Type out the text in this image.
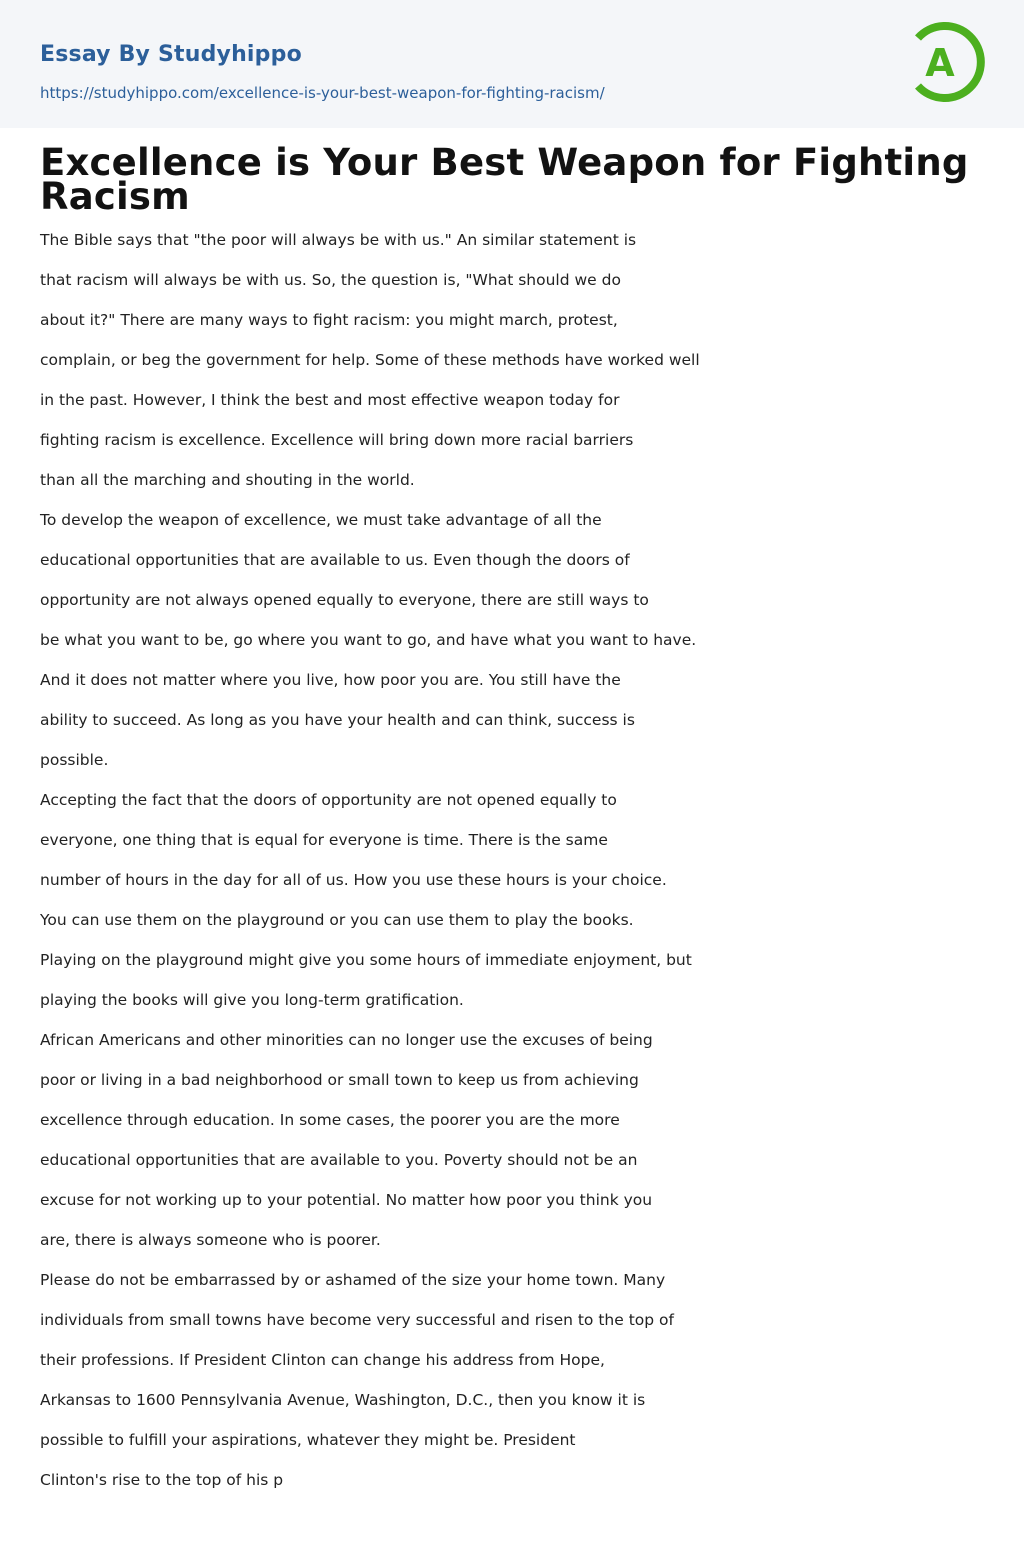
Essay By Studyhippo
https://studyhippo.com/excellence-is-your-best-weapon-for-fighting-racism/
A
Excellence is Your Best Weapon for Fighting Racism
The Bible says that "the poor will always be with us." An similar statement is
that racism will always be with us. So, the question is, "What should we do
about it?" There are many ways to fight racism: you might march, protest,
complain, or beg the government for help. Some of these methods have worked well
in the past. However, I think the best and most effective weapon today for
fighting racism is excellence. Excellence will bring down more racial barriers
than all the marching and shouting in the world.
To develop the weapon of excellence, we must take advantage of all the
educational opportunities that are available to us. Even though the doors of
opportunity are not always opened equally to everyone, there are still ways to
be what you want to be, go where you want to go, and have what you want to have.
And it does not matter where you live, how poor you are. You still have the
ability to succeed. As long as you have your health and can think, success is
possible.
Accepting the fact that the doors of opportunity are not opened equally to
everyone, one thing that is equal for everyone is time. There is the same
number of hours in the day for all of us. How you use these hours is your choice.
You can use them on the playground or you can use them to play the books.
Playing on the playground might give you some hours of immediate enjoyment, but
playing the books will give you long-term gratification.
African Americans and other minorities can no longer use the excuses of being
poor or living in a bad neighborhood or small town to keep us from achieving
excellence through education. In some cases, the poorer you are the more
educational opportunities that are available to you. Poverty should not be an
excuse for not working up to your potential. No matter how poor you think you
are, there is always someone who is poorer.
Please do not be embarrassed by or ashamed of the size your home town. Many
individuals from small towns have become very successful and risen to the top of
their professions. If President Clinton can change his address from Hope,
Arkansas to 1600 Pennsylvania Avenue, Washington, D.C., then you know it is
possible to fulfill your aspirations, whatever they might be. President
Clinton's rise to the top of his p
